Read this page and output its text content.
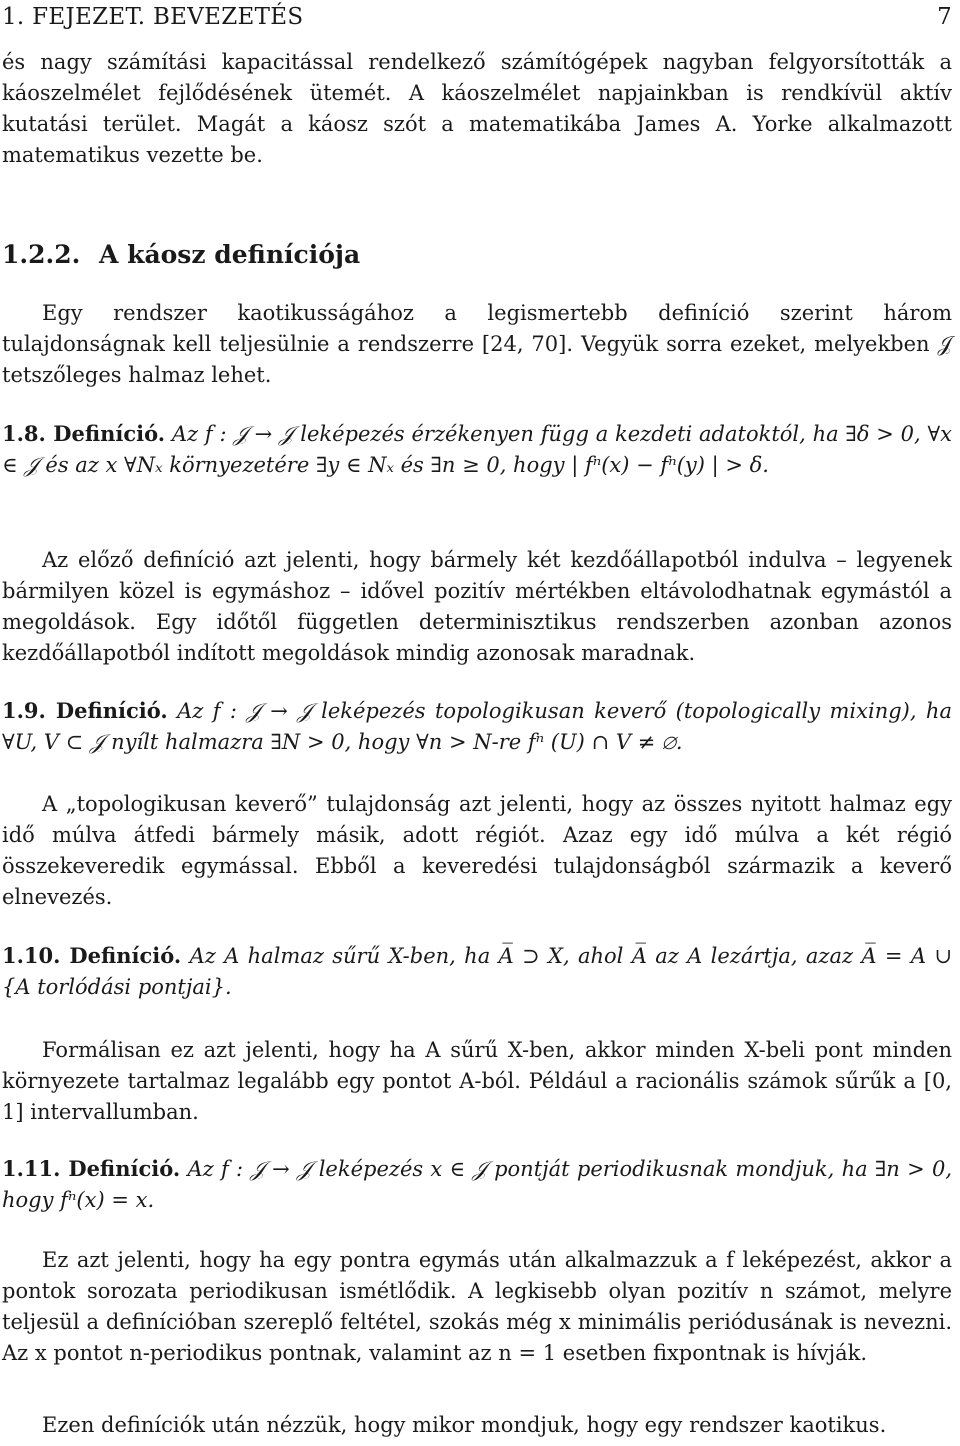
1. FEJEZET. BEVEZETÉS	7
és nagy számítási kapacitással rendelkező számítógépek nagyban felgyorsították a káoszelmélet fejlődésének ütemét. A káoszelmélet napjainkban is rendkívül aktív kutatási terület. Magát a káosz szót a matematikába James A. Yorke alkalmazott matematikus vezette be.
1.2.2. A káosz definíciója
Egy rendszer kaotikusságához a legismertebb definíció szerint három tulajdonságnak kell teljesülnie a rendszerre [24, 70]. Vegyük sorra ezeket, melyekben 𝒥 tetszőleges halmaz lehet.
1.8. Definíció. Az f : 𝒥 → 𝒥 leképezés érzékenyen függ a kezdeti adatoktól, ha ∃δ > 0, ∀x ∈ 𝒥 és az x ∀Nₓ környezetére ∃y ∈ Nₓ és ∃n ≥ 0, hogy | fⁿ(x) − fⁿ(y) | > δ.
Az előző definíció azt jelenti, hogy bármely két kezdőállapotból indulva – legyenek bármilyen közel is egymáshoz – idővel pozitív mértékben eltávolodhatnak egymástól a megoldások. Egy időtől független determinisztikus rendszerben azonban azonos kezdőállapotból indított megoldások mindig azonosak maradnak.
1.9. Definíció. Az f : 𝒥 → 𝒥 leképezés topologikusan keverő (topologically mixing), ha ∀U, V ⊂ 𝒥 nyílt halmazra ∃N > 0, hogy ∀n > N-re fⁿ (U) ∩ V ≠ ∅.
A „topologikusan keverő” tulajdonság azt jelenti, hogy az összes nyitott halmaz egy idő múlva átfedi bármely másik, adott régiót. Azaz egy idő múlva a két régió összekeveredik egymással. Ebből a keveredési tulajdonságból származik a keverő elnevezés.
1.10. Definíció. Az A halmaz sűrű X-ben, ha A̅ ⊃ X, ahol A̅ az A lezártja, azaz A̅ = A ∪ {A torlódási pontjai}.
Formálisan ez azt jelenti, hogy ha A sűrű X-ben, akkor minden X-beli pont minden környezete tartalmaz legalább egy pontot A-ból. Például a racionális számok sűrűk a [0, 1] intervallumban.
1.11. Definíció. Az f : 𝒥 → 𝒥 leképezés x ∈ 𝒥 pontját periodikusnak mondjuk, ha ∃n > 0, hogy fⁿ(x) = x.
Ez azt jelenti, hogy ha egy pontra egymás után alkalmazzuk a f leképezést, akkor a pontok sorozata periodikusan ismétlődik. A legkisebb olyan pozitív n számot, melyre teljesül a definícióban szereplő feltétel, szokás még x minimális periódusának is nevezni. Az x pontot n-periodikus pontnak, valamint az n = 1 esetben fixpontnak is hívják.
Ezen definíciók után nézzük, hogy mikor mondjuk, hogy egy rendszer kaotikus.
